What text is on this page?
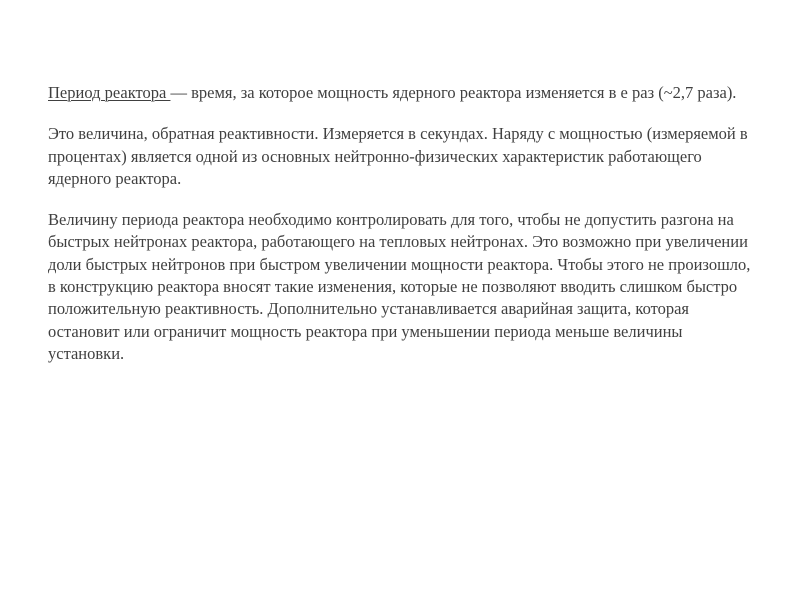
Период реактора — время, за которое мощность ядерного реактора изменяется в е раз (~2,7 раза).

Это величина, обратная реактивности. Измеряется в секундах. Наряду с мощностью (измеряемой в процентах) является одной из основных нейтронно-физических характеристик работающего ядерного реактора.

Величину периода реактора необходимо контролировать для того, чтобы не допустить разгона на быстрых нейтронах реактора, работающего на тепловых нейтронах. Это возможно при увеличении доли быстрых нейтронов при быстром увеличении мощности реактора. Чтобы этого не произошло, в конструкцию реактора вносят такие изменения, которые не позволяют вводить слишком быстро положительную реактивность. Дополнительно устанавливается аварийная защита, которая остановит или ограничит мощность реактора при уменьшении периода меньше величины установки.
